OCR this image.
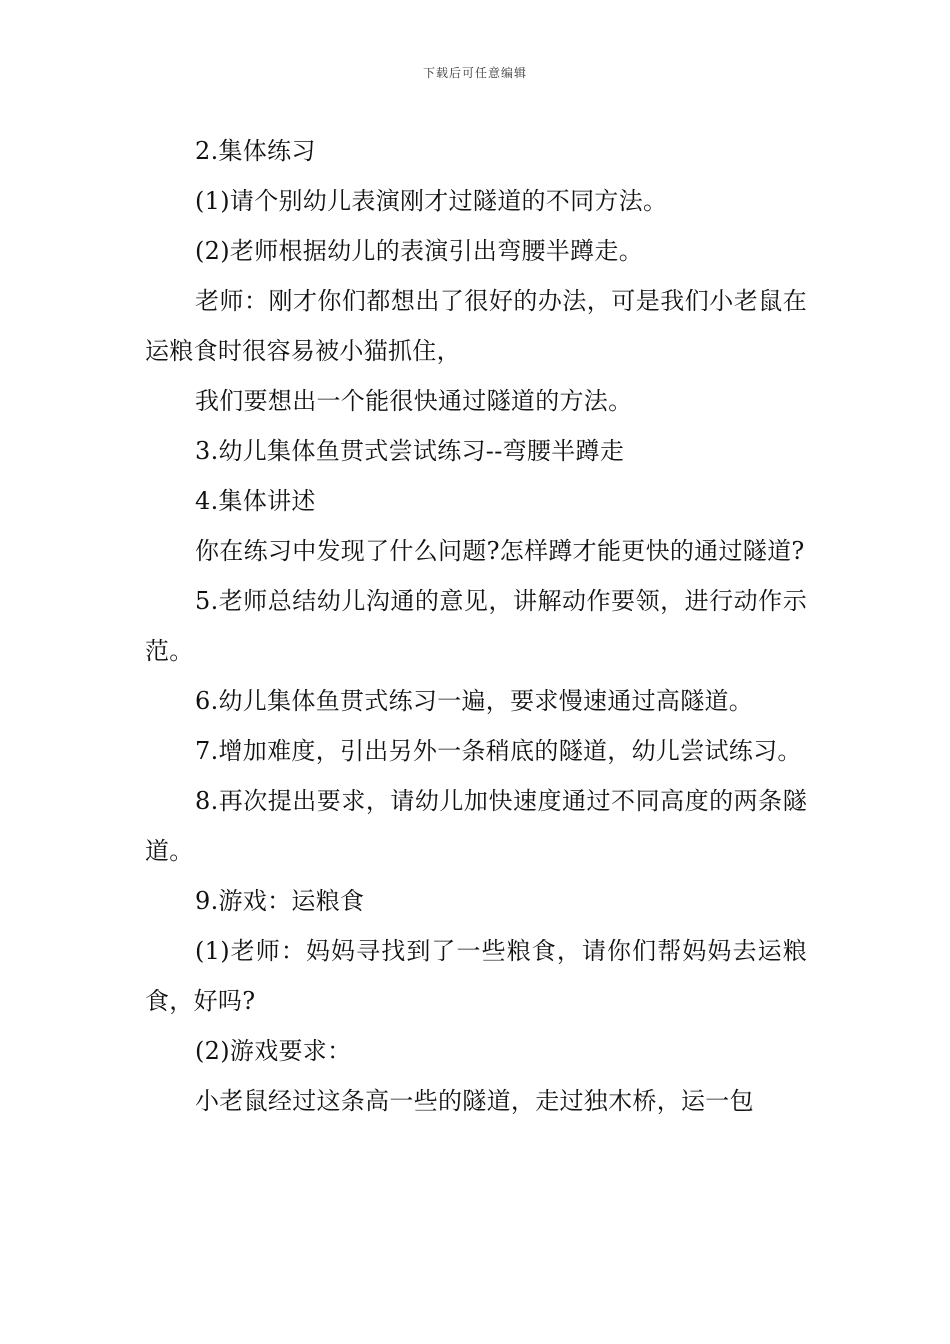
下载后可任意编辑

2.集体练习

(1)请个别幼儿表演刚才过隧道的不同方法。

(2)老师根据幼儿的表演引出弯腰半蹲走。

老师：刚才你们都想出了很好的办法，可是我们小老鼠在运粮食时很容易被小猫抓住，

我们要想出一个能很快通过隧道的方法。

3.幼儿集体鱼贯式尝试练习--弯腰半蹲走

4.集体讲述

你在练习中发现了什么问题?怎样蹲才能更快的通过隧道?

5.老师总结幼儿沟通的意见，讲解动作要领，进行动作示范。

6.幼儿集体鱼贯式练习一遍，要求慢速通过高隧道。

7.增加难度，引出另外一条稍底的隧道，幼儿尝试练习。

8.再次提出要求，请幼儿加快速度通过不同高度的两条隧道。

9.游戏：运粮食

(1)老师：妈妈寻找到了一些粮食，请你们帮妈妈去运粮食，好吗?

(2)游戏要求：

小老鼠经过这条高一些的隧道，走过独木桥，运一包
